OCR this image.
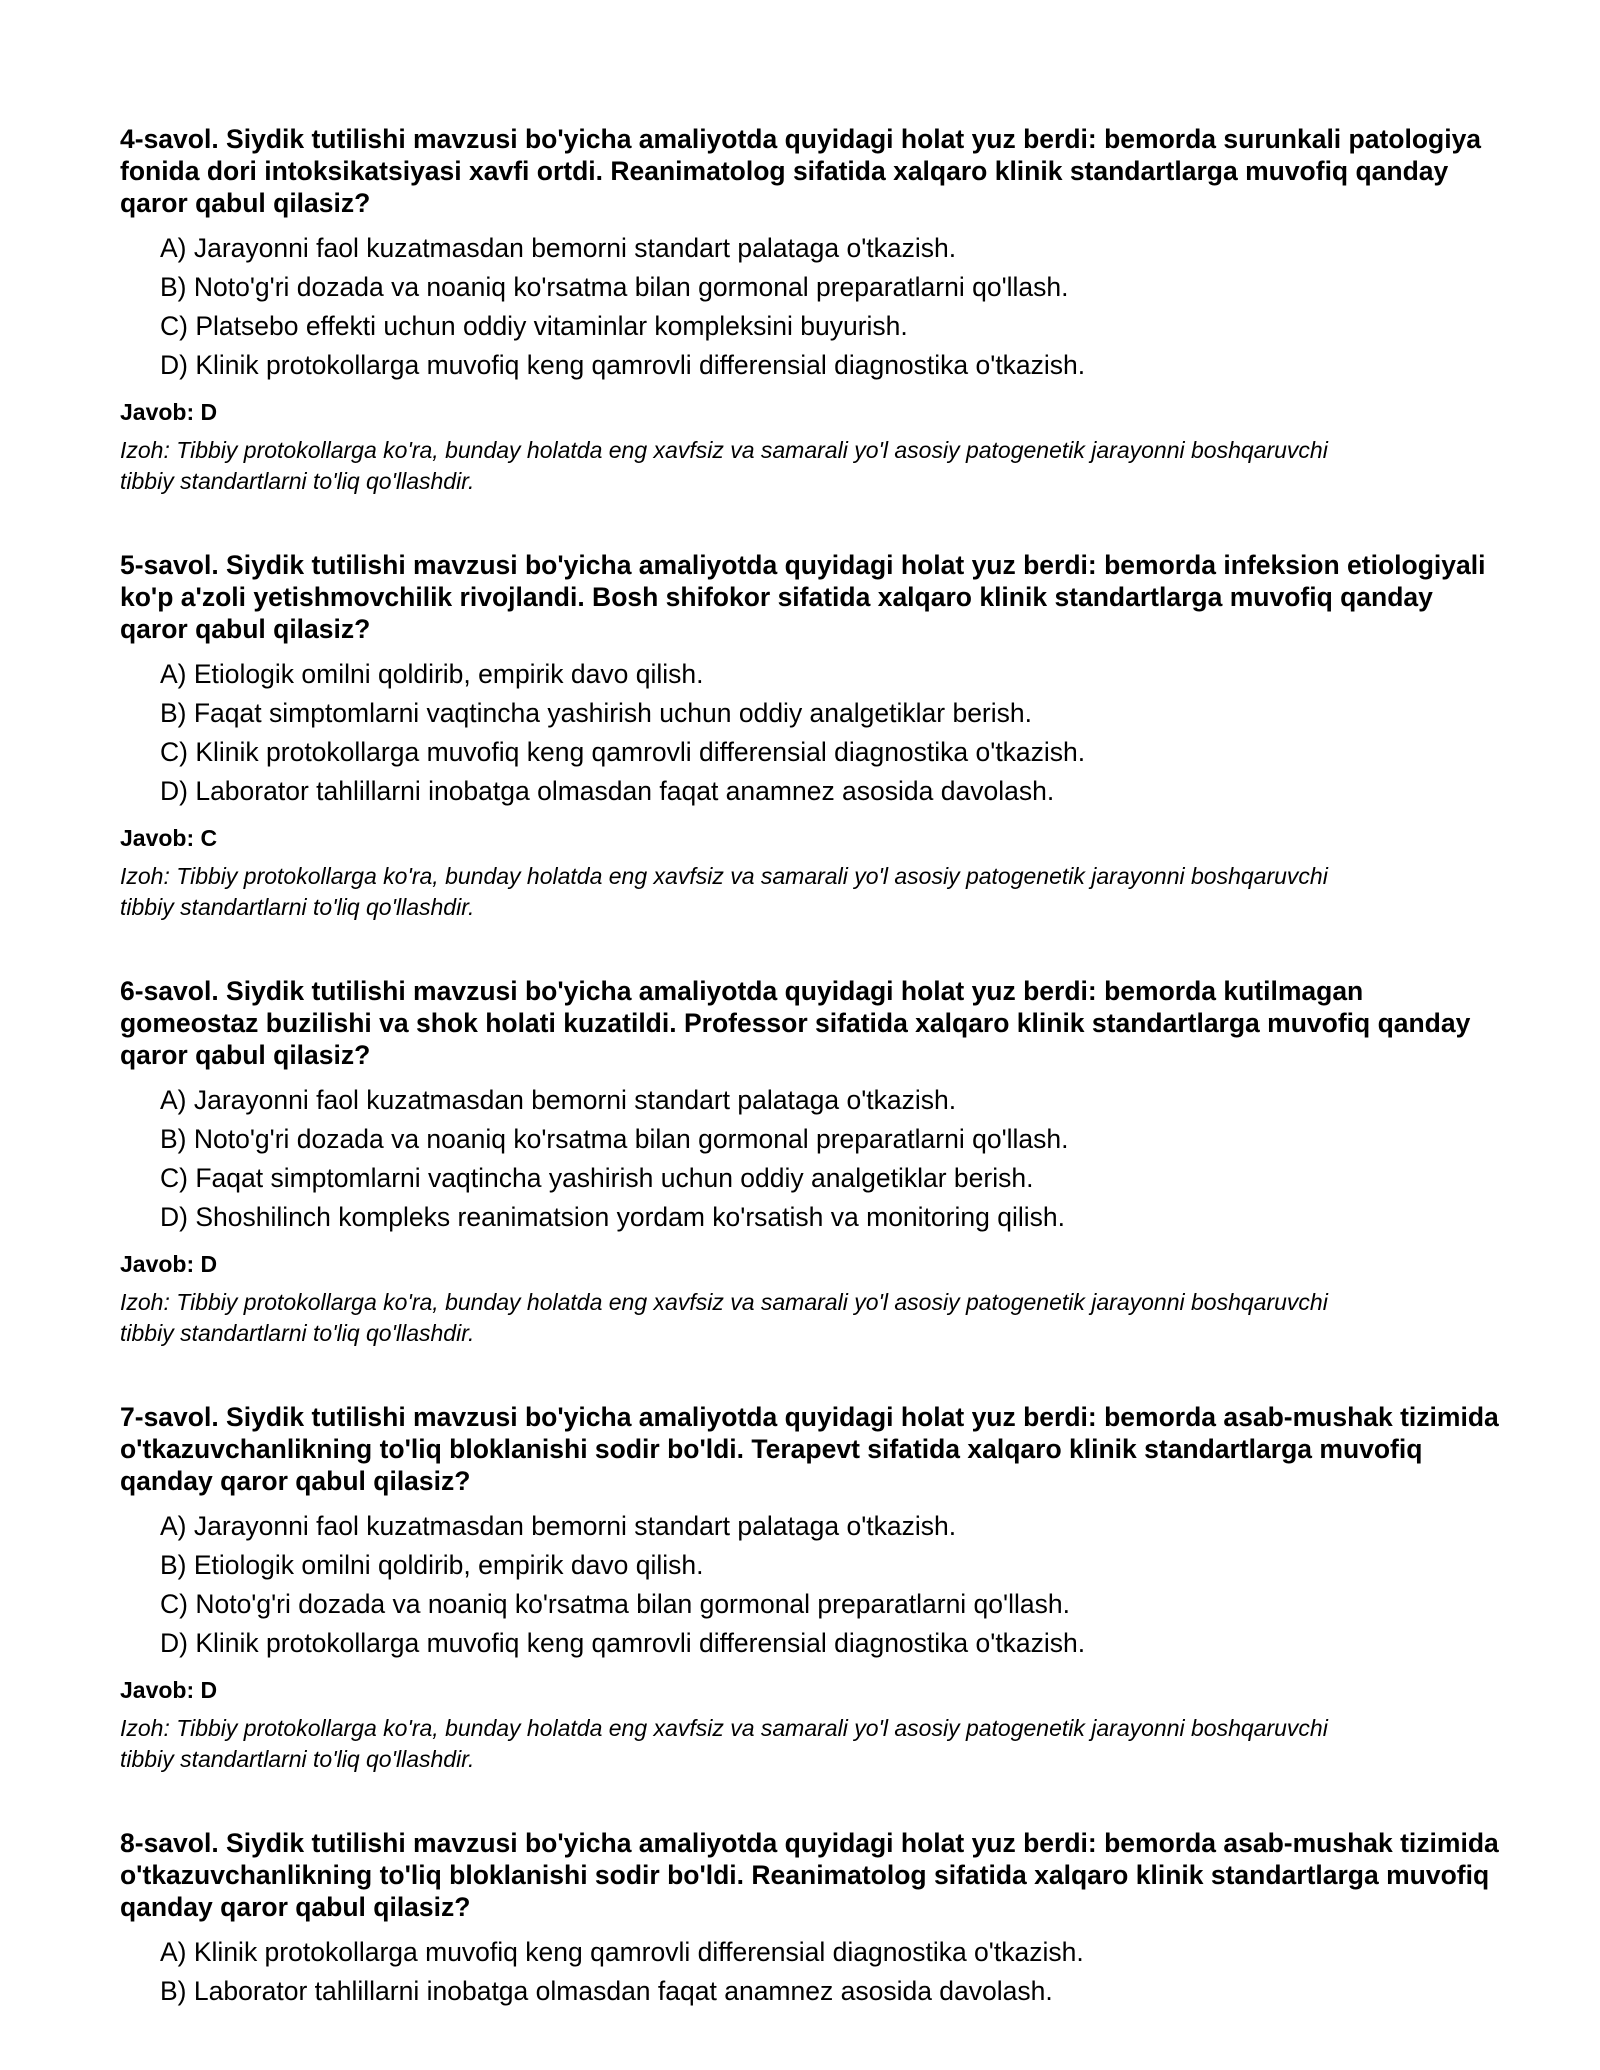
4-savol. Siydik tutilishi mavzusi bo'yicha amaliyotda quyidagi holat yuz berdi: bemorda surunkali patologiya fonida dori intoksikatsiyasi xavfi ortdi. Reanimatolog sifatida xalqaro klinik standartlarga muvofiq qanday qaror qabul qilasiz?

A) Jarayonni faol kuzatmasdan bemorni standart palataga o'tkazish.
B) Noto'g'ri dozada va noaniq ko'rsatma bilan gormonal preparatlarni qo'llash.
C) Platsebo effekti uchun oddiy vitaminlar kompleksini buyurish.
D) Klinik protokollarga muvofiq keng qamrovli differensial diagnostika o'tkazish.
Javob: D
Izoh: Tibbiy protokollarga ko'ra, bunday holatda eng xavfsiz va samarali yo'l asosiy patogenetik jarayonni boshqaruvchi tibbiy standartlarni to'liq qo'llashdir.

5-savol. Siydik tutilishi mavzusi bo'yicha amaliyotda quyidagi holat yuz berdi: bemorda infeksion etiologiyali ko'p a'zoli yetishmovchilik rivojlandi. Bosh shifokor sifatida xalqaro klinik standartlarga muvofiq qanday qaror qabul qilasiz?

A) Etiologik omilni qoldirib, empirik davo qilish.
B) Faqat simptomlarni vaqtincha yashirish uchun oddiy analgetiklar berish.
C) Klinik protokollarga muvofiq keng qamrovli differensial diagnostika o'tkazish.
D) Laborator tahlillarni inobatga olmasdan faqat anamnez asosida davolash.
Javob: C
Izoh: Tibbiy protokollarga ko'ra, bunday holatda eng xavfsiz va samarali yo'l asosiy patogenetik jarayonni boshqaruvchi tibbiy standartlarni to'liq qo'llashdir.

6-savol. Siydik tutilishi mavzusi bo'yicha amaliyotda quyidagi holat yuz berdi: bemorda kutilmagan gomeostaz buzilishi va shok holati kuzatildi. Professor sifatida xalqaro klinik standartlarga muvofiq qanday qaror qabul qilasiz?

A) Jarayonni faol kuzatmasdan bemorni standart palataga o'tkazish.
B) Noto'g'ri dozada va noaniq ko'rsatma bilan gormonal preparatlarni qo'llash.
C) Faqat simptomlarni vaqtincha yashirish uchun oddiy analgetiklar berish.
D) Shoshilinch kompleks reanimatsion yordam ko'rsatish va monitoring qilish.
Javob: D
Izoh: Tibbiy protokollarga ko'ra, bunday holatda eng xavfsiz va samarali yo'l asosiy patogenetik jarayonni boshqaruvchi tibbiy standartlarni to'liq qo'llashdir.

7-savol. Siydik tutilishi mavzusi bo'yicha amaliyotda quyidagi holat yuz berdi: bemorda asab-mushak tizimida o'tkazuvchanlikning to'liq bloklanishi sodir bo'ldi. Terapevt sifatida xalqaro klinik standartlarga muvofiq qanday qaror qabul qilasiz?

A) Jarayonni faol kuzatmasdan bemorni standart palataga o'tkazish.
B) Etiologik omilni qoldirib, empirik davo qilish.
C) Noto'g'ri dozada va noaniq ko'rsatma bilan gormonal preparatlarni qo'llash.
D) Klinik protokollarga muvofiq keng qamrovli differensial diagnostika o'tkazish.
Javob: D
Izoh: Tibbiy protokollarga ko'ra, bunday holatda eng xavfsiz va samarali yo'l asosiy patogenetik jarayonni boshqaruvchi tibbiy standartlarni to'liq qo'llashdir.

8-savol. Siydik tutilishi mavzusi bo'yicha amaliyotda quyidagi holat yuz berdi: bemorda asab-mushak tizimida o'tkazuvchanlikning to'liq bloklanishi sodir bo'ldi. Reanimatolog sifatida xalqaro klinik standartlarga muvofiq qanday qaror qabul qilasiz?

A) Klinik protokollarga muvofiq keng qamrovli differensial diagnostika o'tkazish.
B) Laborator tahlillarni inobatga olmasdan faqat anamnez asosida davolash.
